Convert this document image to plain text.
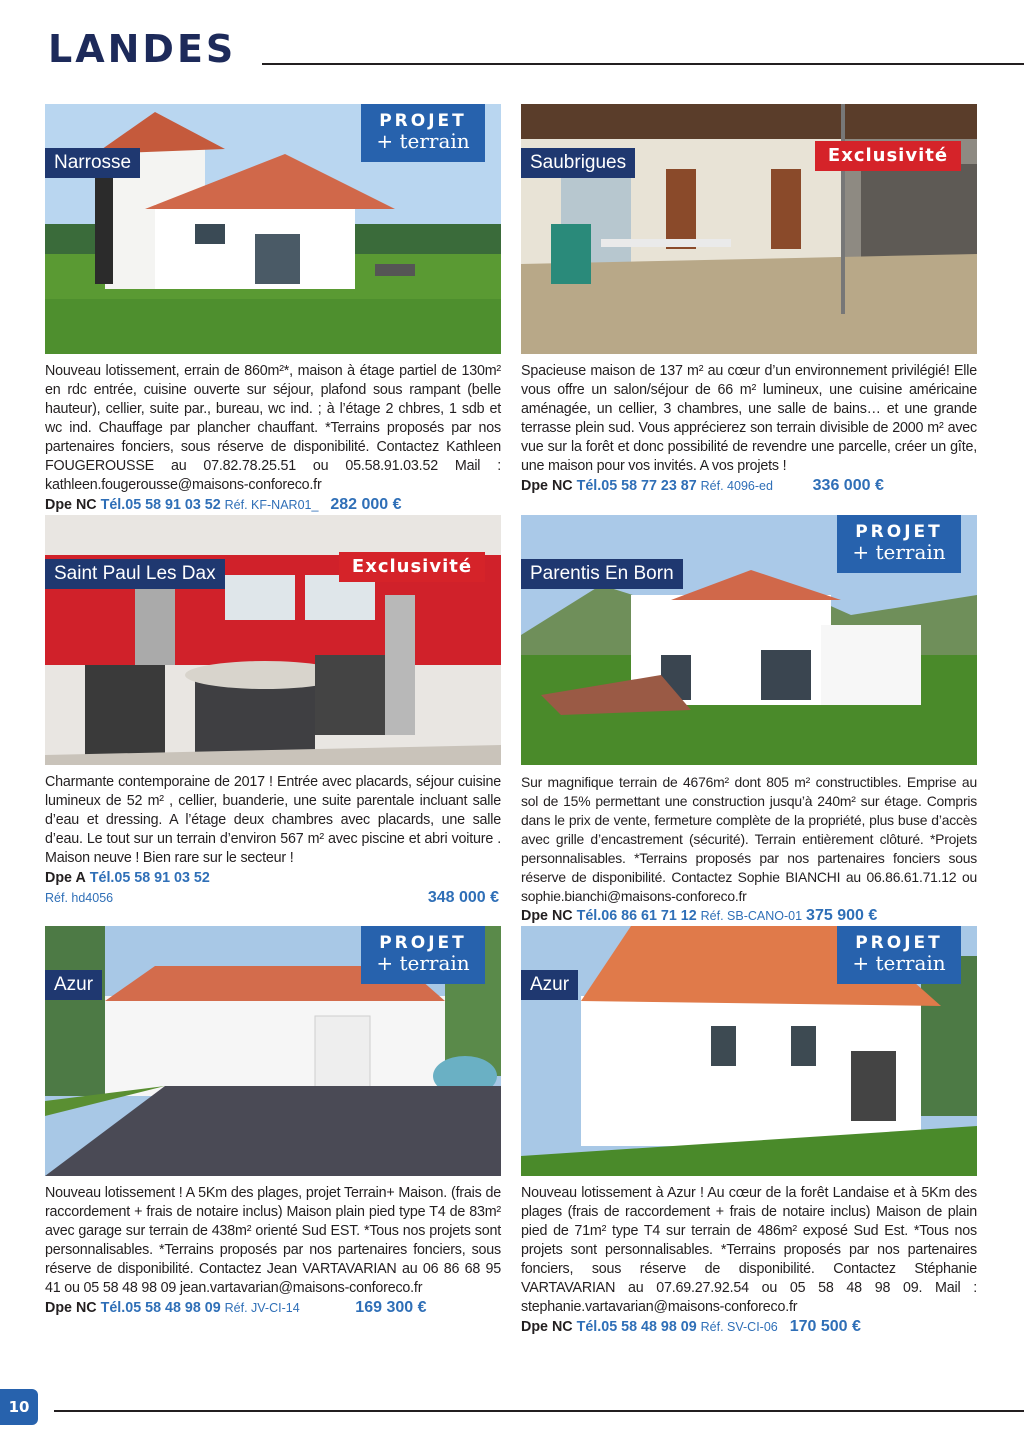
LANDES
Narrosse
PROJET
+ terrain
Nouveau lotissement, errain de 860m²*, maison à étage partiel de 130m² en rdc entrée, cuisine ouverte sur séjour, plafond sous rampant (belle hauteur), cellier, suite par., bureau, wc ind. ; à l’étage 2 chbres, 1 sdb et wc ind. Chauffage par plancher chauffant. *Terrains proposés par nos partenaires fonciers, sous réserve de disponibilité. Contactez Kathleen FOUGEROUSSE au 07.82.78.25.51 ou 05.58.91.03.52 Mail : kathleen.fougerousse@maisons-conforeco.fr
Dpe NC Tél.05 58 91 03 52 Réf. KF-NAR01_ 282 000 €
Saubrigues	Exclusivité
Spacieuse maison de 137 m² au cœur d’un environnement privilégié! Elle vous offre un salon/séjour de 66 m² lumineux, une cuisine américaine aménagée, un cellier, 3 chambres, une salle de bains… et une grande terrasse plein sud. Vous apprécierez son terrain divisible de 2000 m² avec vue sur la forêt et donc possibilité de revendre une parcelle, créer un gîte, une maison pour vos invités. A vos projets !
Dpe NC Tél.05 58 77 23 87 Réf. 4096-ed 336 000 €
Saint Paul Les Dax	Exclusivité
Charmante contemporaine de 2017 ! Entrée avec placards, séjour cuisine lumineux de 52 m² , cellier, buanderie, une suite parentale incluant salle d’eau et dressing. A l’étage deux chambres avec placards, une salle d’eau. Le tout sur un terrain d’environ 567 m² avec piscine et abri voiture . Maison neuve ! Bien rare sur le secteur !
Dpe A Tél.05 58 91 03 52
Réf. hd4056	348 000 €
Parentis En Born
PROJET
+ terrain
Sur magnifique terrain de 4676m² dont 805 m² constructibles. Emprise au sol de 15% permettant une construction jusqu’à 240m² sur étage. Compris dans le prix de vente, fermeture complète de la propriété, plus buse d’accès avec grille d’encastrement (sécurité). Terrain entièrement clôturé. *Projets personnalisables. *Terrains proposés par nos partenaires fonciers sous réserve de disponibilité. Contactez Sophie BIANCHI au 06.86.61.71.12 ou sophie.bianchi@maisons-conforeco.fr
Dpe NC Tél.06 86 61 71 12 Réf. SB-CANO-01 375 900 €
Azur
PROJET
+ terrain
Nouveau lotissement ! A 5Km des plages, projet Terrain+ Maison. (frais de raccordement + frais de notaire inclus) Maison plain pied type T4 de 83m² avec garage sur terrain de 438m² orienté Sud EST. *Tous nos projets sont personnalisables. *Terrains proposés par nos partenaires fonciers, sous réserve de disponibilité. Contactez Jean VARTAVARIAN au 06 86 68 95 41 ou 05 58 48 98 09 jean.vartavarian@maisons-conforeco.fr
Dpe NC Tél.05 58 48 98 09 Réf. JV-CI-14	169 300 €
Azur
PROJET
+ terrain
Nouveau lotissement à Azur ! Au cœur de la forêt Landaise et à 5Km des plages (frais de raccordement + frais de notaire inclus) Maison de plain pied de 71m² type T4 sur terrain de 486m² exposé Sud Est. *Tous nos projets sont personnalisables. *Terrains proposés par nos partenaires fonciers, sous réserve de disponibilité. Contactez Stéphanie VARTAVARIAN au 07.69.27.92.54 ou 05 58 48 98 09. Mail : stephanie.vartavarian@maisons-conforeco.fr
Dpe NC Tél.05 58 48 98 09 Réf. SV-CI-06 170 500 €
10
